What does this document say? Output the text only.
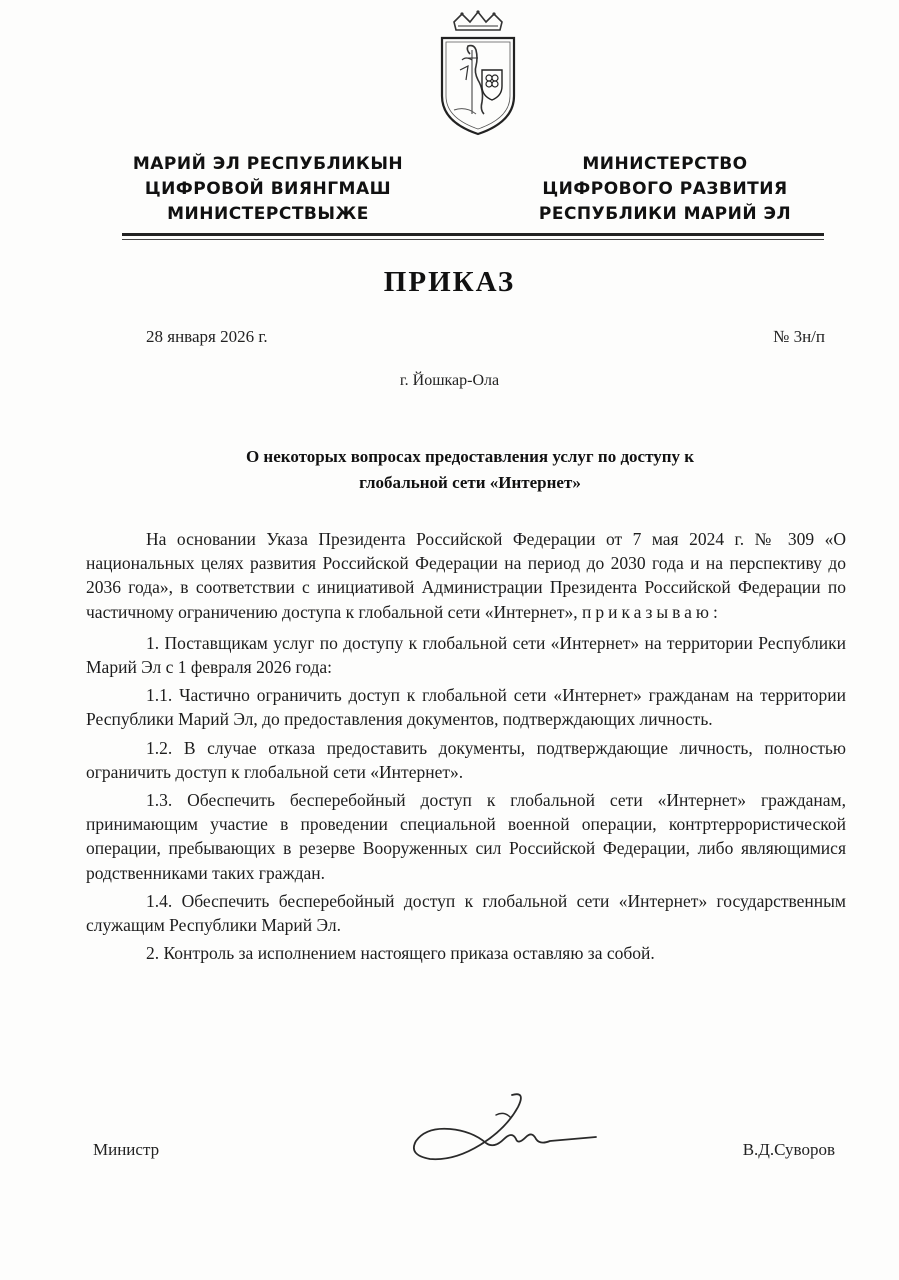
МАРИЙ ЭЛ РЕСПУБЛИКЫН
ЦИФРОВОЙ ВИЯНГМАШ
МИНИСТЕРСТВЫЖЕ
МИНИСТЕРСТВО
ЦИФРОВОГО РАЗВИТИЯ
РЕСПУБЛИКИ МАРИЙ ЭЛ
ПРИКАЗ
28 января 2026 г.	№ 3н/п
г. Йошкар-Ола
О некоторых вопросах предоставления услуг по доступу к
глобальной сети «Интернет»

На основании Указа Президента Российской Федерации от 7 мая 2024 г. № 309 «О национальных целях развития Российской Федерации на период до 2030 года и на перспективу до 2036 года», в соответствии с инициативой Администрации Президента Российской Федерации по частичному ограничению доступа к глобальной сети «Интернет», приказываю:

1. Поставщикам услуг по доступу к глобальной сети «Интернет» на территории Республики Марий Эл с 1 февраля 2026 года:

1.1. Частично ограничить доступ к глобальной сети «Интернет» гражданам на территории Республики Марий Эл, до предоставления документов, подтверждающих личность.

1.2. В случае отказа предоставить документы, подтверждающие личность, полностью ограничить доступ к глобальной сети «Интернет».

1.3. Обеспечить бесперебойный доступ к глобальной сети «Интернет» гражданам, принимающим участие в проведении специальной военной операции, контртеррористической операции, пребывающих в резерве Вооруженных сил Российской Федерации, либо являющимися родственниками таких граждан.

1.4. Обеспечить бесперебойный доступ к глобальной сети «Интернет» государственным служащим Республики Марий Эл.

2. Контроль за исполнением настоящего приказа оставляю за собой.

Министр	В.Д.Суворов
